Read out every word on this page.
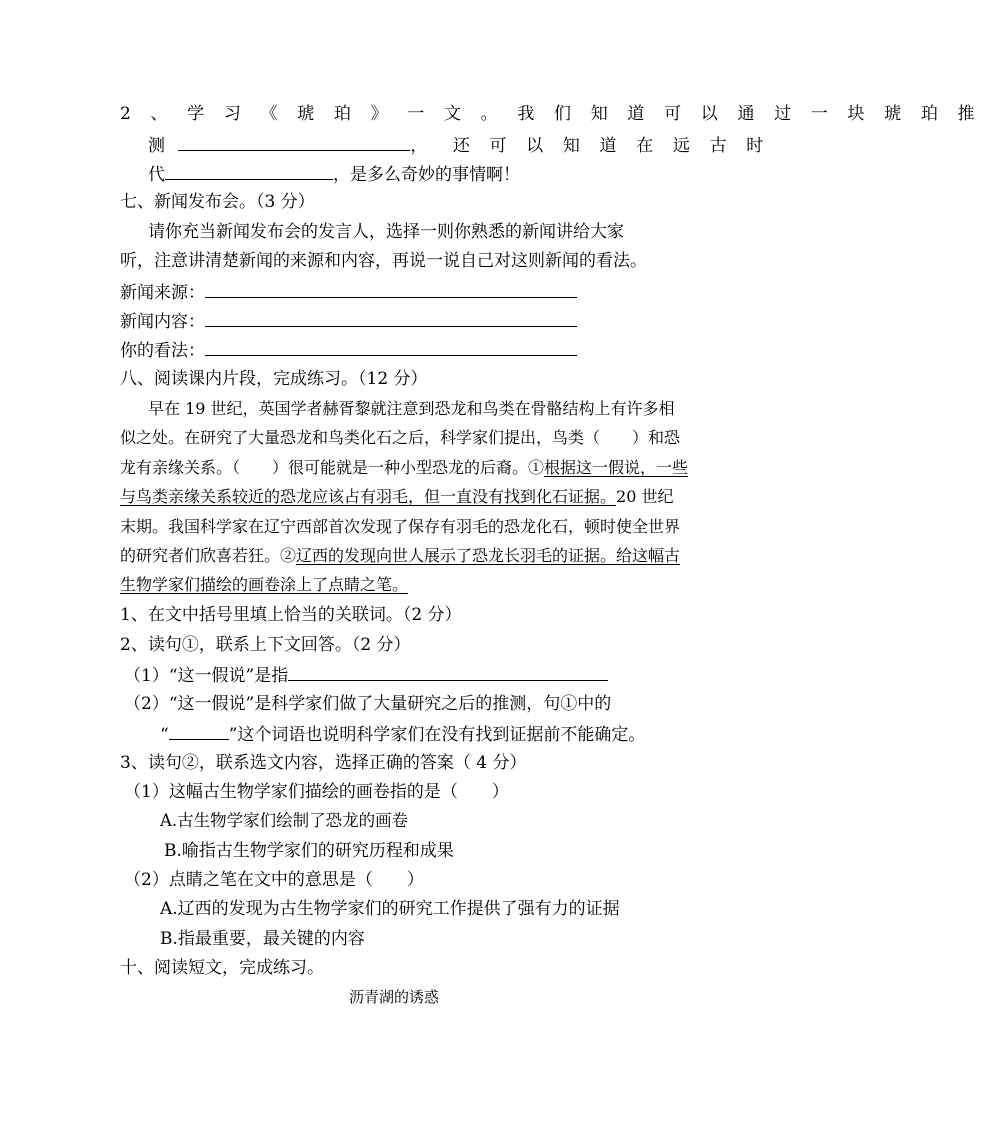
2 、 学 习 《 琥 珀 》 一 文 。 我 们 知 道 可 以 通 过 一 块 琥 珀 推
测	， 还 可 以 知 道 在 远 古 时
代	，是多么奇妙的事情啊！
七、新闻发布会。（3 分）
请你充当新闻发布会的发言人，选择一则你熟悉的新闻讲给大家
听，注意讲清楚新闻的来源和内容，再说一说自己对这则新闻的看法。
新闻来源：
新闻内容：
你的看法：
八、阅读课内片段，完成练习。（12 分）
早在 19 世纪，英国学者赫胥黎就注意到恐龙和鸟类在骨骼结构上有许多相
似之处。在研究了大量恐龙和鸟类化石之后，科学家们提出，鸟类（　　）和恐
龙有亲缘关系。（　　）很可能就是一种小型恐龙的后裔。①根据这一假说，一些
与鸟类亲缘关系较近的恐龙应该占有羽毛，但一直没有找到化石证据。20 世纪
末期。我国科学家在辽宁西部首次发现了保存有羽毛的恐龙化石，顿时使全世界
的研究者们欣喜若狂。②辽西的发现向世人展示了恐龙长羽毛的证据。给这幅古
生物学家们描绘的画卷涂上了点睛之笔。
1、在文中括号里填上恰当的关联词。（2 分）
2、读句①，联系上下文回答。（2 分）
（1）“这一假说”是指
（2）“这一假说”是科学家们做了大量研究之后的推测，句①中的
“	”这个词语也说明科学家们在没有找到证据前不能确定。
3、读句②，联系选文内容，选择正确的答案（ 4 分）
（1）这幅古生物学家们描绘的画卷指的是（　　）
A.古生物学家们绘制了恐龙的画卷
B.喻指古生物学家们的研究历程和成果
（2）点睛之笔在文中的意思是（　　）
A.辽西的发现为古生物学家们的研究工作提供了强有力的证据
B.指最重要，最关键的内容
十、阅读短文，完成练习。
沥青湖的诱惑
